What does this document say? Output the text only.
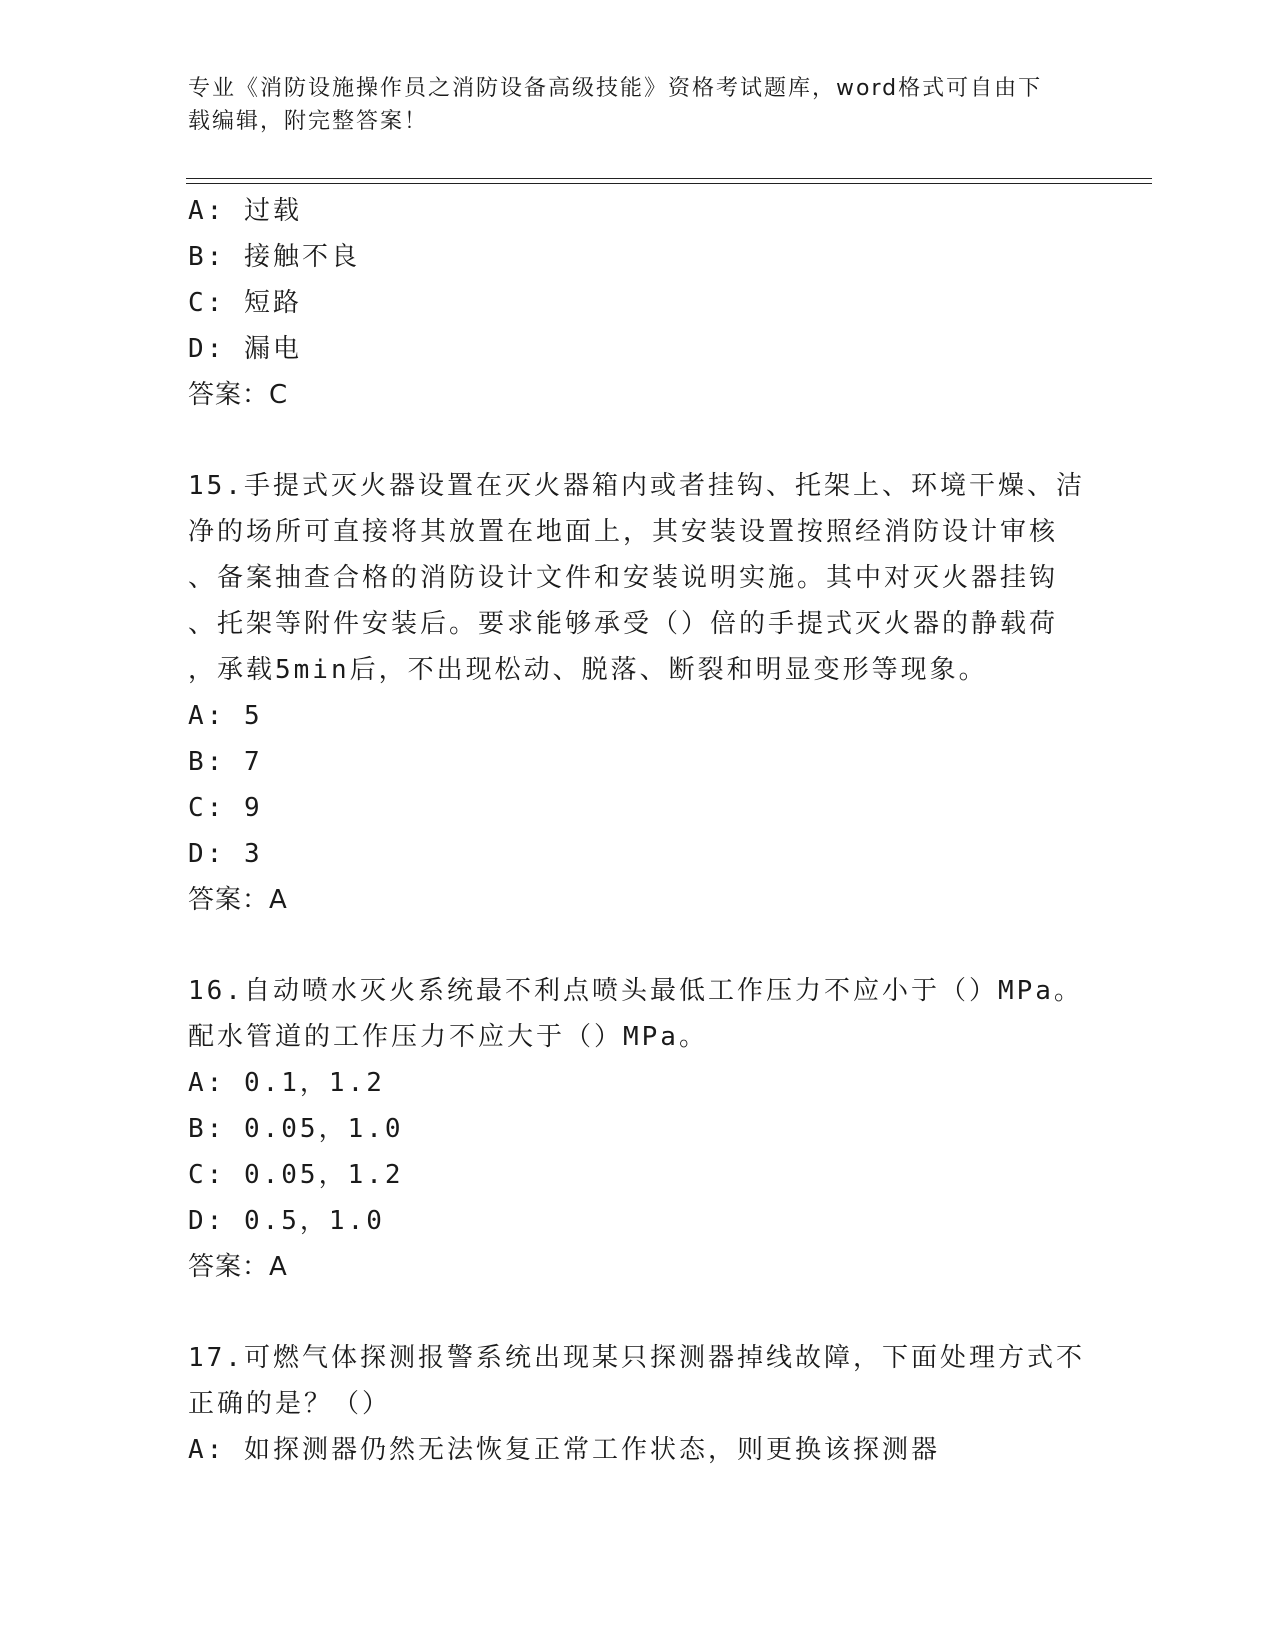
专业《消防设施操作员之消防设备高级技能》资格考试题库，word格式可自由下
载编辑，附完整答案！
A: 过载
B: 接触不良
C: 短路
D: 漏电
答案：C
15.手提式灭火器设置在灭火器箱内或者挂钩、托架上、环境干燥、洁
净的场所可直接将其放置在地面上，其安装设置按照经消防设计审核
、备案抽查合格的消防设计文件和安装说明实施。其中对灭火器挂钩
、托架等附件安装后。要求能够承受（）倍的手提式灭火器的静载荷
，承载5min后，不出现松动、脱落、断裂和明显变形等现象。
A: 5
B: 7
C: 9
D: 3
答案：A
16.自动喷水灭火系统最不利点喷头最低工作压力不应小于（）MPa。
配水管道的工作压力不应大于（）MPa。
A: 0.1，1.2
B: 0.05，1.0
C: 0.05，1.2
D: 0.5，1.0
答案：A
17.可燃气体探测报警系统出现某只探测器掉线故障，下面处理方式不
正确的是？（）
A: 如探测器仍然无法恢复正常工作状态，则更换该探测器
